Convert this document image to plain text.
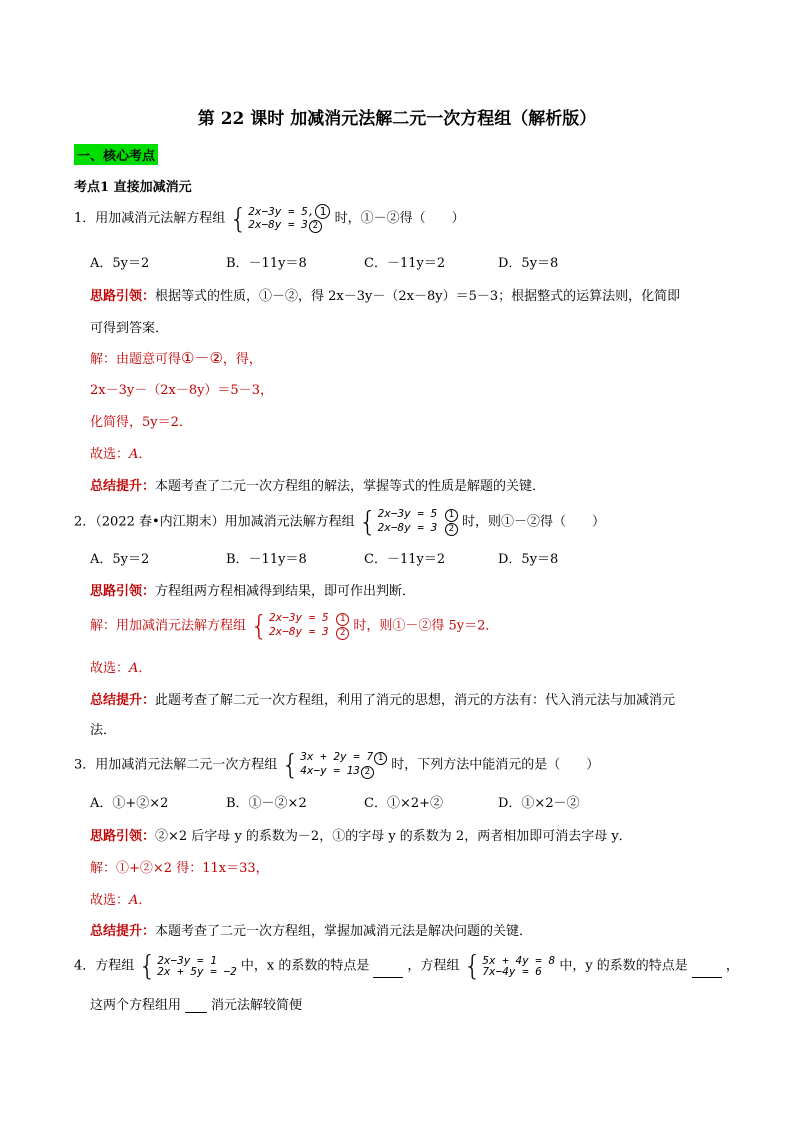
第 22 课时 加减消元法解二元一次方程组（解析版）
一、核心考点
考点1 直接加减消元
1．用加减消元法解方程组 { 2x−3y = 5, 1
2x−8y = 3 2	时，①－②得（　　）
A．5y＝2	B．－11y＝8	C．－11y＝2	D．5y＝8
思路引领：根据等式的性质，①－②，得 2x－3y－（2x－8y）＝5－3；根据整式的运算法则，化简即
可得到答案．
解：由题意可得①－②，得，
2x－3y－（2x－8y）＝5－3，
化简得，5y＝2．
故选：A．
总结提升：本题考查了二元一次方程组的解法，掌握等式的性质是解题的关键．
2．（2022 春•内江期末）用加减消元法解方程组 { 2x−3y = 5 1
2x−8y = 3 2 时，则①－②得（　　）
A．5y＝2	B．－11y＝8	C．－11y＝2	D．5y＝8
思路引领：方程组两方程相减得到结果，即可作出判断．
解：用加减消元法解方程组 { 2x−3y = 5 1
2x−8y = 3 2 时，则①－②得 5y＝2．
故选：A．
总结提升：此题考查了解二元一次方程组，利用了消元的思想，消元的方法有：代入消元法与加减消元
法．
3．用加减消元法解二元一次方程组 { 3x + 2y = 7 1
4x−y = 13 2	时，下列方法中能消元的是（　　）
A．①+②×2	B．①－②×2	C．①×2+②	D．①×2－②
思路引领：②×2 后字母 y 的系数为－2，①的字母 y 的系数为 2，两者相加即可消去字母 y．
解：①+②×2 得：11x＝33，
故选：A．
总结提升：本题考查了二元一次方程组，掌握加减消元法是解决问题的关键．
4．方程组 { 2x−3y = 1
2x + 5y = −2 中，x 的系数的特点是	，方程组 { 5x + 4y = 8
7x−4y = 6	中，y 的系数的特点是	，
这两个方程组用 消元法解较简便
